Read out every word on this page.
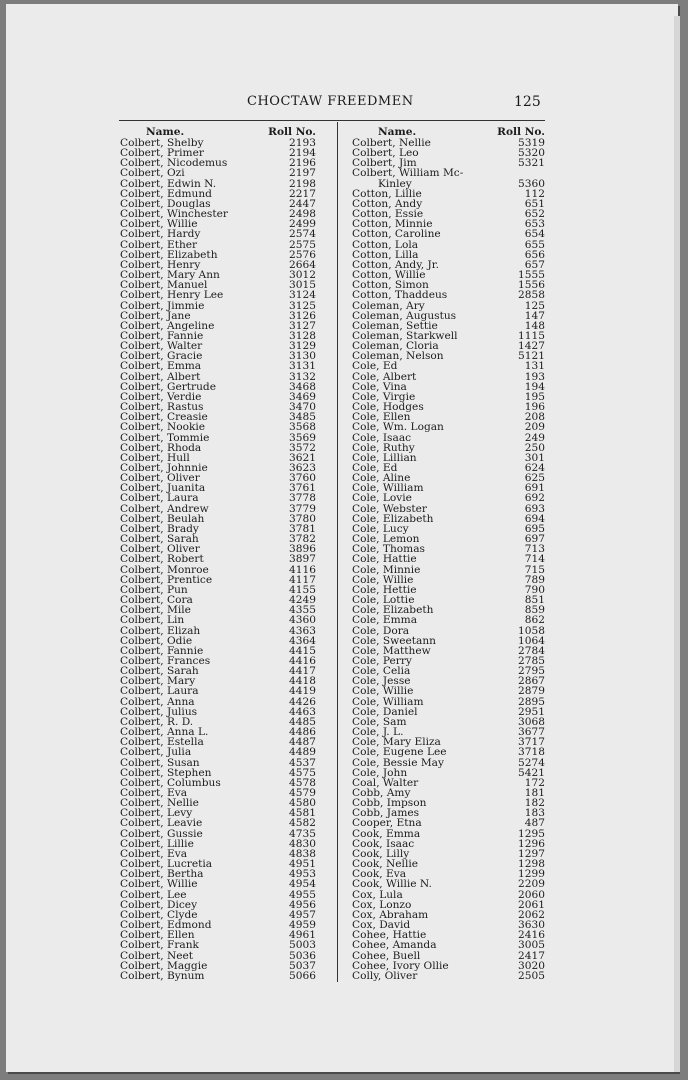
CHOCTAW FREEDMEN	125
Name.	Roll No.
Colbert, Shelby	2193
Colbert, Primer	2194
Colbert, Nicodemus	2196
Colbert, Ozi	2197
Colbert, Edwin N.	2198
Colbert, Edmund	2217
Colbert, Douglas	2447
Colbert, Winchester	2498
Colbert, Willie	2499
Colbert, Hardy	2574
Colbert, Ether	2575
Colbert, Elizabeth	2576
Colbert, Henry	2664
Colbert, Mary Ann	3012
Colbert, Manuel	3015
Colbert, Henry Lee	3124
Colbert, Jimmie	3125
Colbert, Jane	3126
Colbert, Angeline	3127
Colbert, Fannie	3128
Colbert, Walter	3129
Colbert, Gracie	3130
Colbert, Emma	3131
Colbert, Albert	3132
Colbert, Gertrude	3468
Colbert, Verdie	3469
Colbert, Rastus	3470
Colbert, Creasie	3485
Colbert, Nookie	3568
Colbert, Tommie	3569
Colbert, Rhoda	3572
Colbert, Hull	3621
Colbert, Johnnie	3623
Colbert, Oliver	3760
Colbert, Juanita	3761
Colbert, Laura	3778
Colbert, Andrew	3779
Colbert, Beulah	3780
Colbert, Brady	3781
Colbert, Sarah	3782
Colbert, Oliver	3896
Colbert, Robert	3897
Colbert, Monroe	4116
Colbert, Prentice	4117
Colbert, Pun	4155
Colbert, Cora	4249
Colbert, Mile	4355
Colbert, Lin	4360
Colbert, Elizah	4363
Colbert, Odie	4364
Colbert, Fannie	4415
Colbert, Frances	4416
Colbert, Sarah	4417
Colbert, Mary	4418
Colbert, Laura	4419
Colbert, Anna	4426
Colbert, Julius	4463
Colbert, R. D.	4485
Colbert, Anna L.	4486
Colbert, Estella	4487
Colbert, Julia	4489
Colbert, Susan	4537
Colbert, Stephen	4575
Colbert, Columbus	4578
Colbert, Eva	4579
Colbert, Nellie	4580
Colbert, Levy	4581
Colbert, Leavie	4582
Colbert, Gussie	4735
Colbert, Lillie	4830
Colbert, Eva	4838
Colbert, Lucretia	4951
Colbert, Bertha	4953
Colbert, Willie	4954
Colbert, Lee	4955
Colbert, Dicey	4956
Colbert, Clyde	4957
Colbert, Edmond	4959
Colbert, Ellen	4961
Colbert, Frank	5003
Colbert, Neet	5036
Colbert, Maggie	5037
Colbert, Bynum	5066
Name.	Roll No.
Colbert, Nellie	5319
Colbert, Leo	5320
Colbert, Jim	5321
Colbert, William Mc-
Kinley	5360
Cotton, Lillie	112
Cotton, Andy	651
Cotton, Essie	652
Cotton, Minnie	653
Cotton, Caroline	654
Cotton, Lola	655
Cotton, Lilla	656
Cotton, Andy, Jr.	657
Cotton, Willie	1555
Cotton, Simon	1556
Cotton, Thaddeus	2858
Coleman, Ary	125
Coleman, Augustus	147
Coleman, Settie	148
Coleman, Starkwell	1115
Coleman, Cloria	1427
Coleman, Nelson	5121
Cole, Ed	131
Cole, Albert	193
Cole, Vina	194
Cole, Virgie	195
Cole, Hodges	196
Cole, Ellen	208
Cole, Wm. Logan	209
Cole, Isaac	249
Cole, Ruthy	250
Cole, Lillian	301
Cole, Ed	624
Cole, Aline	625
Cole, William	691
Cole, Lovie	692
Cole, Webster	693
Cole, Elizabeth	694
Cole, Lucy	695
Cole, Lemon	697
Cole, Thomas	713
Cole, Hattie	714
Cole, Minnie	715
Cole, Willie	789
Cole, Hettie	790
Cole, Lottie	851
Cole, Elizabeth	859
Cole, Emma	862
Cole, Dora	1058
Cole, Sweetann	1064
Cole, Matthew	2784
Cole, Perry	2785
Cole, Celia	2795
Cole, Jesse	2867
Cole, Willie	2879
Cole, William	2895
Cole, Daniel	2951
Cole, Sam	3068
Cole, J. L.	3677
Cole, Mary Eliza	3717
Cole, Eugene Lee	3718
Cole, Bessie May	5274
Cole, John	5421
Coal, Walter	172
Cobb, Amy	181
Cobb, Impson	182
Cobb, James	183
Cooper, Etna	487
Cook, Emma	1295
Cook, Isaac	1296
Cook, Lilly	1297
Cook, Nellie	1298
Cook, Eva	1299
Cook, Willie N.	2209
Cox, Lula	2060
Cox, Lonzo	2061
Cox, Abraham	2062
Cox, David	3630
Cohee, Hattie	2416
Cohee, Amanda	3005
Cohee, Buell	2417
Cohee, Ivory Ollie	3020
Colly, Oliver	2505
